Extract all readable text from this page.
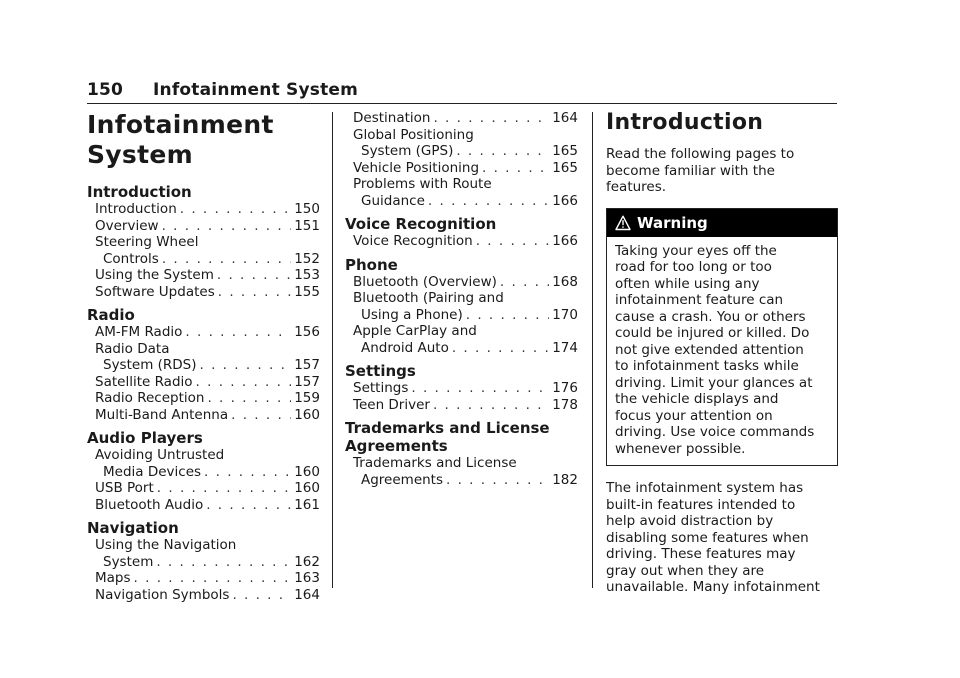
150	Infotainment System
Infotainment
System
Introduction
Introduction . . .	150
Overview . . .	151
Steering Wheel
Controls . . .	152
Using the System . . .	153
Software Updates . . .	155
Radio
AM-FM Radio . . .	156
Radio Data
System (RDS) . . .	157
Satellite Radio . . .	157
Radio Reception . . .	159
Multi-Band Antenna . . .	160
Audio Players
Avoiding Untrusted
Media Devices . . .	160
USB Port . . .	160
Bluetooth Audio . . .	161
Navigation
Using the Navigation
System . . .	162
Maps . . .	163
Navigation Symbols . . .	164
Destination . . .	164
Global Positioning
System (GPS) . . .	165
Vehicle Positioning . . .	165
Problems with Route
Guidance . . .	166
Voice Recognition
Voice Recognition . . .	166
Phone
Bluetooth (Overview) . . .	168
Bluetooth (Pairing and
Using a Phone) . . .	170
Apple CarPlay and
Android Auto . . .	174
Settings
Settings . . .	176
Teen Driver . . .	178
Trademarks and License
Agreements
Trademarks and License
Agreements . . .	182
Introduction
Read the following pages to
become familiar with the
features.
Warning
Taking your eyes off the
road for too long or too
often while using any
infotainment feature can
cause a crash. You or others
could be injured or killed. Do
not give extended attention
to infotainment tasks while
driving. Limit your glances at
the vehicle displays and
focus your attention on
driving. Use voice commands
whenever possible.
The infotainment system has
built-in features intended to
help avoid distraction by
disabling some features when
driving. These features may
gray out when they are
unavailable. Many infotainment
